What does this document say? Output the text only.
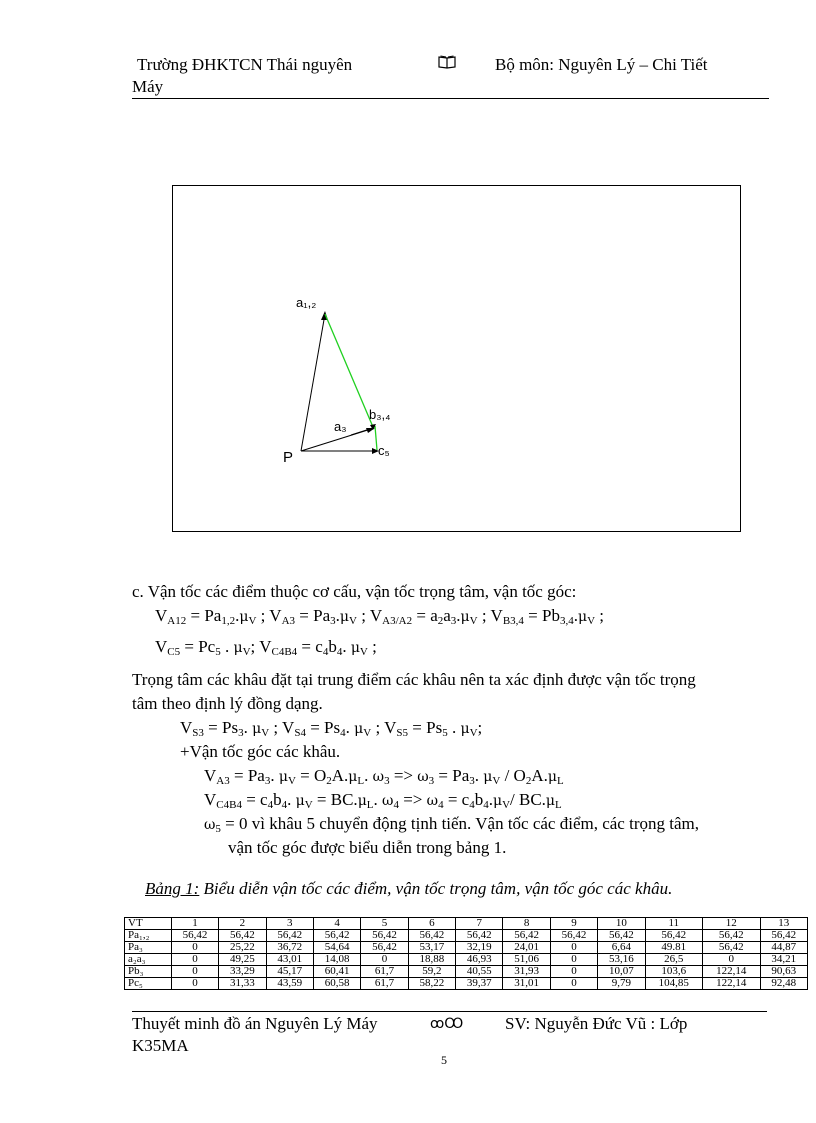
Trường ĐHKTCN Thái nguyên	Bộ môn: Nguyên Lý – Chi Tiết
Máy
a₁,₂
a₃
b₃,₄
c₅
P
c. Vận tốc các điểm thuộc cơ cấu, vận tốc trọng tâm, vận tốc góc:
$V_{A12} = Pa_{1,2}.\mu_V$ ; $V_{A3} = Pa_3.\mu_V$ ; $V_{A3/A2} = a_2a_3.\mu_V$ ; $V_{B3,4} = Pb_{3,4}.\mu_V$ ;
$V_{C5} = Pc_5$ . $\mu_V$; $V_{C4B4} = c_4b_4$. $\mu_V$ ;
Trọng tâm các khâu đặt tại trung điểm các khâu nên ta xác định được vận tốc trọng
tâm theo định lý đồng dạng.
$V_{S3} = Ps_3$. $\mu_V$ ; $V_{S4} = Ps_4$. $\mu_V$ ; $V_{S5} = Ps_5$ . $\mu_V$;
+Vận tốc góc các khâu.
$V_{A3} = Pa_3$. $\mu_V = O_2A.\mu_L$. $\omega_3 => \omega_3 = Pa_3$. $\mu_V / O_2A.\mu_L$
$V_{C4B4} = c_4b_4$. $\mu_V = BC.\mu_L$. $\omega_4 => \omega_4 = c_4b_4.\mu_V/$ $BC.\mu_L$
$\omega_5 = 0$ vì khâu 5 chuyển động tịnh tiến. Vận tốc các điểm, các trọng tâm,
vận tốc góc được biểu diễn trong bảng 1.
Bảng 1: Biểu diễn vận tốc các điểm, vận tốc trọng tâm, vận tốc góc các khâu.
VT	1	2	3	4	5	6	7	8	9	10	11	12	13
Pa₁,₂	56,42	56,42	56,42	56,42	56,42	56,42	56,42	56,42	56,42	56,42	56,42	56,42	56,42
Pa₃	0	25,22	36,72	54,64	56,42	53,17	32,19	24,01	0	6,64	49.81	56,42	44,87
a₂a₃	0	49,25	43,01	14,08	0	18,88	46,93	51,06	0	53,16	26,5	0	34,21
Pb₃	0	33,29	45,17	60,41	61,7	59,2	40,55	31,93	0	10,07	103,6	122,14	90,63
Pc₅	0	31,33	43,59	60,58	61,7	58,22	39,37	31,01	0	9,79	104,85	122,14	92,48
Thuyết minh đồ án Nguyên Lý Máy	ꚙꚘ SV: Nguyễn Đức Vũ : Lớp
K35MA
5
